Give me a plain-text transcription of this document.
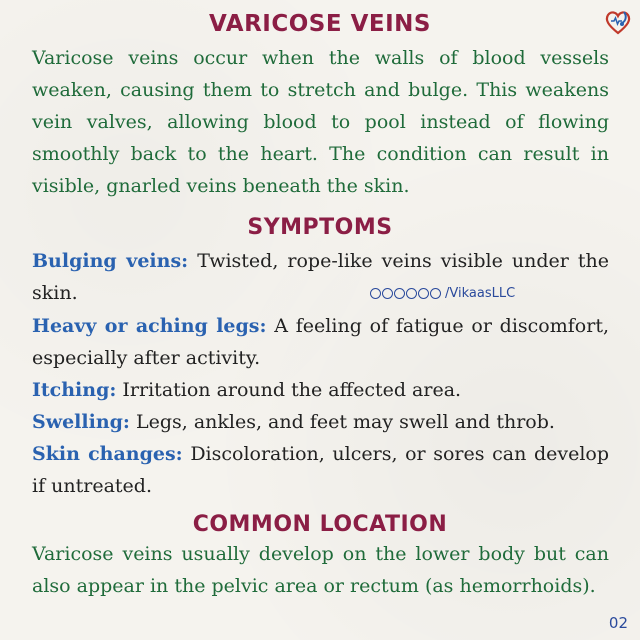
VARICOSE VEINS

Varicose veins occur when the walls of blood vessels weaken, causing them to stretch and bulge. This weakens vein valves, allowing blood to pool instead of flowing smoothly back to the heart. The condition can result in visible, gnarled veins beneath the skin.

SYMPTOMS

Bulging veins: Twisted, rope-like veins visible under the skin.	/VikaasLLC

Heavy or aching legs: A feeling of fatigue or discomfort, especially after activity.

Itching: Irritation around the affected area.

Swelling: Legs, ankles, and feet may swell and throb.

Skin changes: Discoloration, ulcers, or sores can develop if untreated.

COMMON LOCATION

Varicose veins usually develop on the lower body but can also appear in the pelvic area or rectum (as hemorrhoids).

02
